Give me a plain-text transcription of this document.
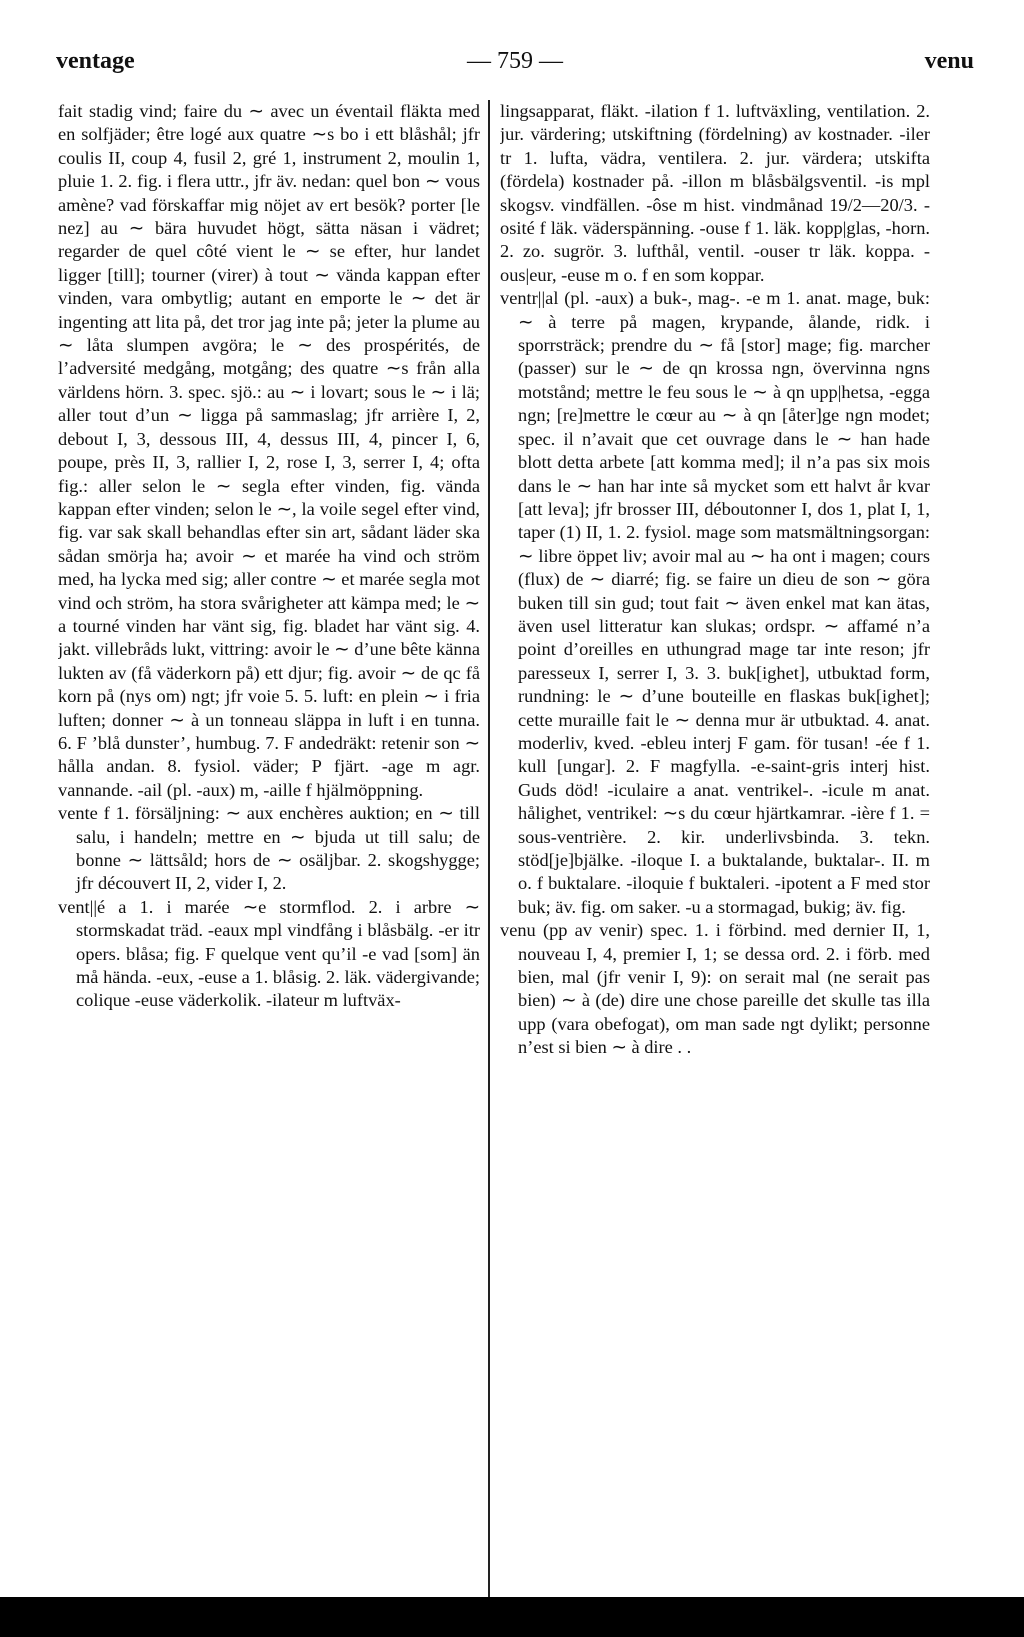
ventage	— 759 —	venu

fait stadig vind; faire du ∼ avec un éventail fläkta med en solfjäder; être logé aux quatre ∼s bo i ett blåshål; jfr coulis II, coup 4, fusil 2, gré 1, instrument 2, moulin 1, pluie 1. 2. fig. i flera uttr., jfr äv. nedan: quel bon ∼ vous amène? vad förskaffar mig nöjet av ert besök? porter [le nez] au ∼ bära huvudet högt, sätta näsan i vädret; regarder de quel côté vient le ∼ se efter, hur landet ligger [till]; tourner (virer) à tout ∼ vända kappan efter vinden, vara ombytlig; autant en emporte le ∼ det är ingenting att lita på, det tror jag inte på; jeter la plume au ∼ låta slumpen avgöra; le ∼ des prospérités, de l’adversité medgång, motgång; des quatre ∼s från alla världens hörn. 3. spec. sjö.: au ∼ i lovart; sous le ∼ i lä; aller tout d’un ∼ ligga på sammaslag; jfr arrière I, 2, debout I, 3, dessous III, 4, dessus III, 4, pincer I, 6, poupe, près II, 3, rallier I, 2, rose I, 3, serrer I, 4; ofta fig.: aller selon le ∼ segla efter vinden, fig. vända kappan efter vinden; selon le ∼, la voile segel efter vind, fig. var sak skall behandlas efter sin art, sådant läder ska sådan smörja ha; avoir ∼ et marée ha vind och ström med, ha lycka med sig; aller contre ∼ et marée segla mot vind och ström, ha stora svårigheter att kämpa med; le ∼ a tourné vinden har vänt sig, fig. bladet har vänt sig. 4. jakt. villebråds lukt, vittring: avoir le ∼ d’une bête känna lukten av (få väderkorn på) ett djur; fig. avoir ∼ de qc få korn på (nys om) ngt; jfr voie 5. 5. luft: en plein ∼ i fria luften; donner ∼ à un tonneau släppa in luft i en tunna. 6. F ’blå dunster’, humbug. 7. F andedräkt: retenir son ∼ hålla andan. 8. fysiol. väder; P fjärt. -age m agr. vannande. -ail (pl. -aux) m, -aille f hjälmöppning.

vente f 1. försäljning: ∼ aux enchères auktion; en ∼ till salu, i handeln; mettre en ∼ bjuda ut till salu; de bonne ∼ lättsåld; hors de ∼ osäljbar. 2. skogshygge; jfr découvert II, 2, vider I, 2.

vent||é a 1. i marée ∼e stormflod. 2. i arbre ∼ stormskadat träd. -eaux mpl vindfång i blåsbälg. -er itr opers. blåsa; fig. F quelque vent qu’il -e vad [som] än må hända. -eux, -euse a 1. blåsig. 2. läk. vädergivande; colique -euse väderkolik. -ilateur m luftväx-

lingsapparat, fläkt. -ilation f 1. luftväxling, ventilation. 2. jur. värdering; utskiftning (fördelning) av kostnader. -iler tr 1. lufta, vädra, ventilera. 2. jur. värdera; utskifta (fördela) kostnader på. -illon m blåsbälgsventil. -is mpl skogsv. vindfällen. -ôse m hist. vindmånad 19/2—20/3. -osité f läk. väderspänning. -ouse f 1. läk. kopp|glas, -horn. 2. zo. sugrör. 3. lufthål, ventil. -ouser tr läk. koppa. -ous|eur, -euse m o. f en som koppar.

ventr||al (pl. -aux) a buk-, mag-. -e m 1. anat. mage, buk: ∼ à terre på magen, krypande, ålande, ridk. i sporrsträck; prendre du ∼ få [stor] mage; fig. marcher (passer) sur le ∼ de qn krossa ngn, övervinna ngns motstånd; mettre le feu sous le ∼ à qn upp|hetsa, -egga ngn; [re]mettre le cœur au ∼ à qn [åter]ge ngn modet; spec. il n’avait que cet ouvrage dans le ∼ han hade blott detta arbete [att komma med]; il n’a pas six mois dans le ∼ han har inte så mycket som ett halvt år kvar [att leva]; jfr brosser III, déboutonner I, dos 1, plat I, 1, taper (1) II, 1. 2. fysiol. mage som matsmältningsorgan: ∼ libre öppet liv; avoir mal au ∼ ha ont i magen; cours (flux) de ∼ diarré; fig. se faire un dieu de son ∼ göra buken till sin gud; tout fait ∼ även enkel mat kan ätas, även usel litteratur kan slukas; ordspr. ∼ affamé n’a point d’oreilles en uthungrad mage tar inte reson; jfr paresseux I, serrer I, 3. 3. buk[ighet], utbuktad form, rundning: le ∼ d’une bouteille en flaskas buk[ighet]; cette muraille fait le ∼ denna mur är utbuktad. 4. anat. moderliv, kved. -ebleu interj F gam. för tusan! -ée f 1. kull [ungar]. 2. F magfylla. -e-saint-gris interj hist. Guds död! -iculaire a anat. ventrikel-. -icule m anat. hålighet, ventrikel: ∼s du cœur hjärtkamrar. -ière f 1. = sous-ventrière. 2. kir. underlivsbinda. 3. tekn. stöd[je]bjälke. -iloque I. a buktalande, buktalar-. II. m o. f buktalare. -iloquie f buktaleri. -ipotent a F med stor buk; äv. fig. om saker. -u a stormagad, bukig; äv. fig.

venu (pp av venir) spec. 1. i förbind. med dernier II, 1, nouveau I, 4, premier I, 1; se dessa ord. 2. i förb. med bien, mal (jfr venir I, 9): on serait mal (ne serait pas bien) ∼ à (de) dire une chose pareille det skulle tas illa upp (vara obefogat), om man sade ngt dylikt; personne n’est si bien ∼ à dire . .
